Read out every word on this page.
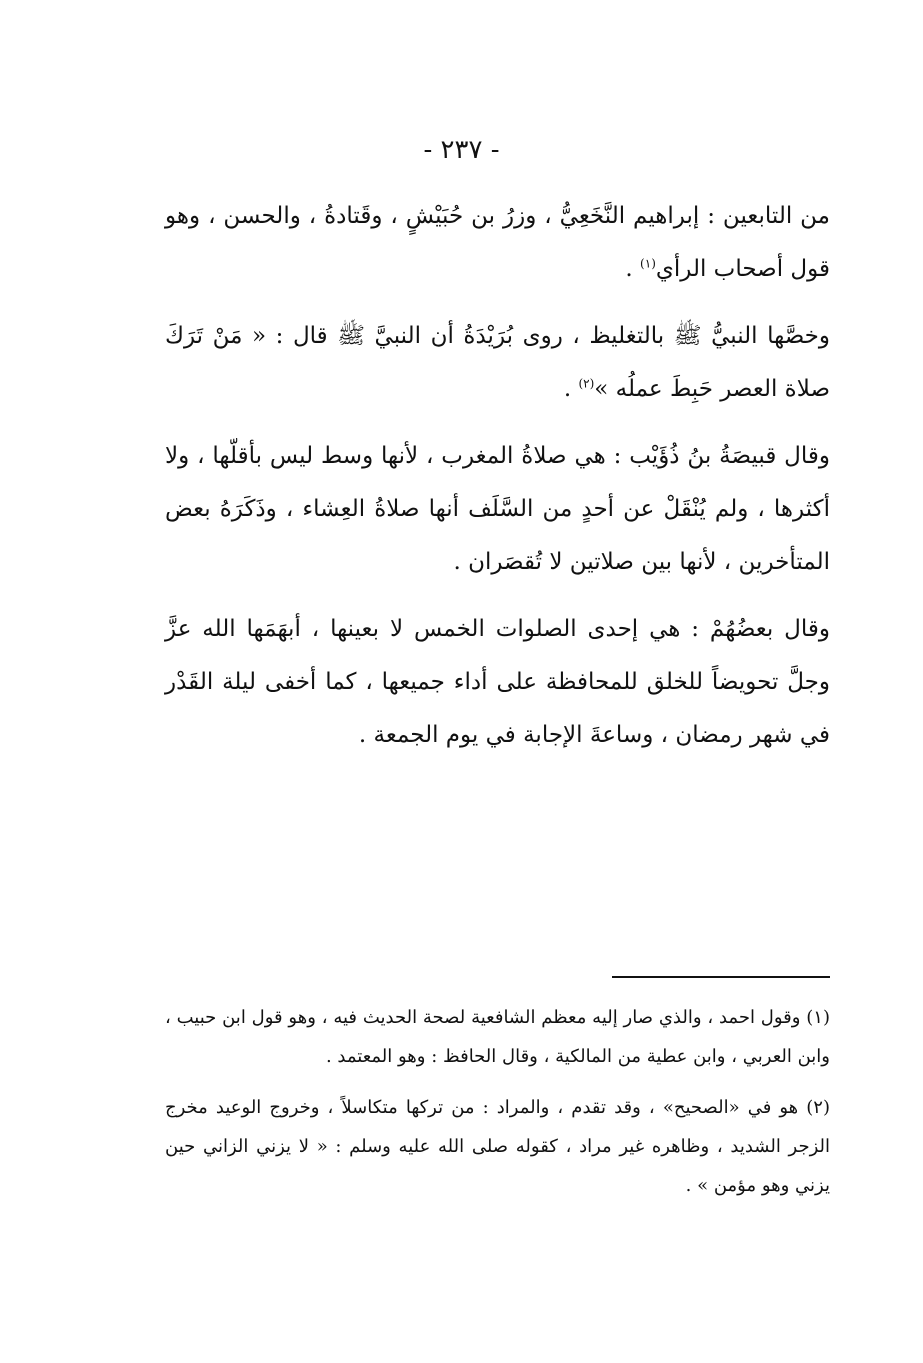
- ٢٣٧ -

من التابعين : إبراهيم النَّخَعِيُّ ، وزرُ بن حُبَيْشٍ ، وقَتادةُ ، والحسن ، وهو قول أصحاب الرأي$^{(١)}$ .

وخصَّها النبيُّ ﷺ بالتغليظ ، روى بُرَيْدَةُ أن النبيَّ ﷺ قال : « مَنْ تَرَكَ صلاة العصر حَبِطَ عملُه »$^{(٢)}$ .

وقال قبيصَةُ بنُ ذُؤَيْب : هي صلاةُ المغرب ، لأنها وسط ليس بأقلّها ، ولا أكثرها ، ولم يُنْقَلْ عن أحدٍ من السَّلَف أنها صلاةُ العِشاء ، وذَكَرَهُ بعض المتأخرين ، لأنها بين صلاتين لا تُقصَران .

وقال بعضُهُمْ : هي إحدى الصلوات الخمس لا بعينها ، أبهَمَها الله عزَّ وجلَّ تحويضاً للخلق للمحافظة على أداء جميعها ، كما أخفى ليلة القَدْر في شهر رمضان ، وساعةَ الإجابة في يوم الجمعة .

(١) وقول احمد ، والذي صار إليه معظم الشافعية لصحة الحديث فيه ، وهو قول ابن حبيب ، وابن العربي ، وابن عطية من المالكية ، وقال الحافظ : وهو المعتمد .

(٢) هو في «الصحيح» ، وقد تقدم ، والمراد : من تركها متكاسلاً ، وخروج الوعيد مخرج الزجر الشديد ، وظاهره غير مراد ، كقوله صلى الله عليه وسلم : « لا يزني الزاني حين يزني وهو مؤمن » .
